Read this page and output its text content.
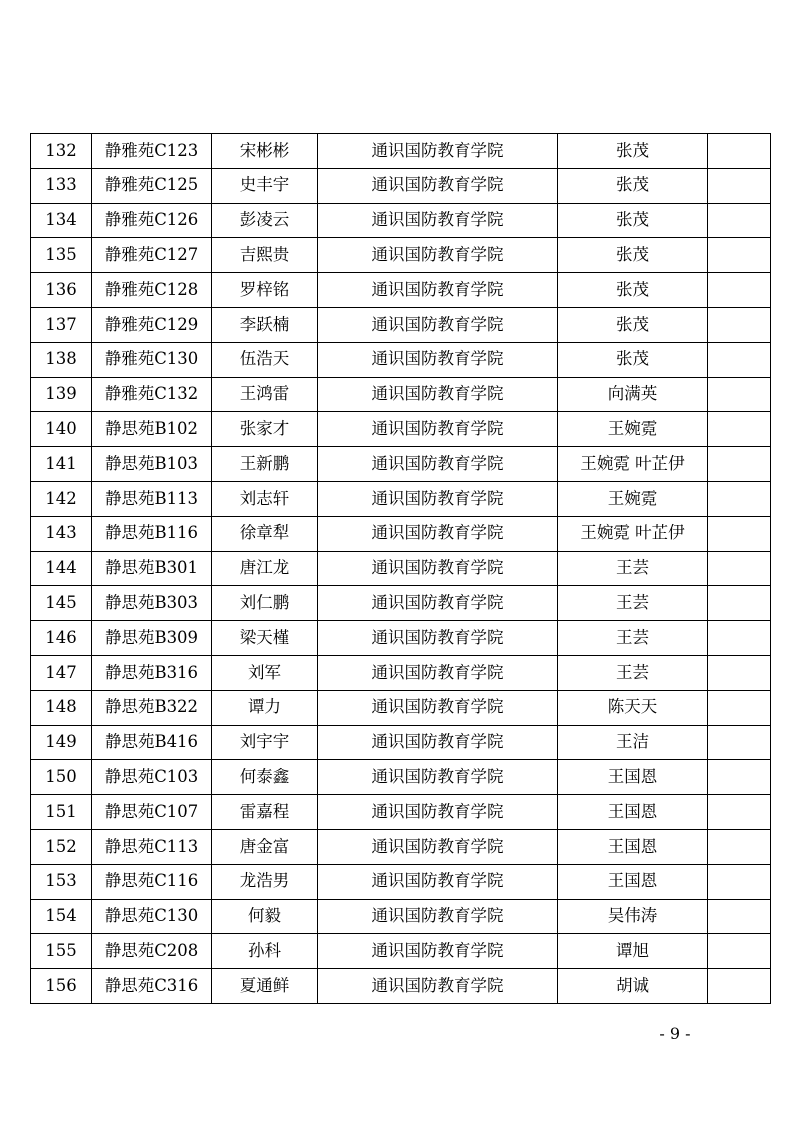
132	静雅苑C123	宋彬彬	通识国防教育学院	张茂	
133	静雅苑C125	史丰宇	通识国防教育学院	张茂	
134	静雅苑C126	彭凌云	通识国防教育学院	张茂	
135	静雅苑C127	吉熙贵	通识国防教育学院	张茂	
136	静雅苑C128	罗梓铭	通识国防教育学院	张茂	
137	静雅苑C129	李跃楠	通识国防教育学院	张茂	
138	静雅苑C130	伍浩天	通识国防教育学院	张茂	
139	静雅苑C132	王鸿雷	通识国防教育学院	向满英	
140	静思苑B102	张家才	通识国防教育学院	王婉霓	
141	静思苑B103	王新鹏	通识国防教育学院	王婉霓 叶芷伊	
142	静思苑B113	刘志轩	通识国防教育学院	王婉霓	
143	静思苑B116	徐章犁	通识国防教育学院	王婉霓 叶芷伊	
144	静思苑B301	唐江龙	通识国防教育学院	王芸	
145	静思苑B303	刘仁鹏	通识国防教育学院	王芸	
146	静思苑B309	梁天槿	通识国防教育学院	王芸	
147	静思苑B316	刘军	通识国防教育学院	王芸	
148	静思苑B322	谭力	通识国防教育学院	陈天天	
149	静思苑B416	刘宇宇	通识国防教育学院	王洁	
150	静思苑C103	何泰鑫	通识国防教育学院	王国恩	
151	静思苑C107	雷嘉程	通识国防教育学院	王国恩	
152	静思苑C113	唐金富	通识国防教育学院	王国恩	
153	静思苑C116	龙浩男	通识国防教育学院	王国恩	
154	静思苑C130	何毅	通识国防教育学院	吴伟涛	
155	静思苑C208	孙科	通识国防教育学院	谭旭	
156	静思苑C316	夏通鲜	通识国防教育学院	胡诚	
- 9 -
